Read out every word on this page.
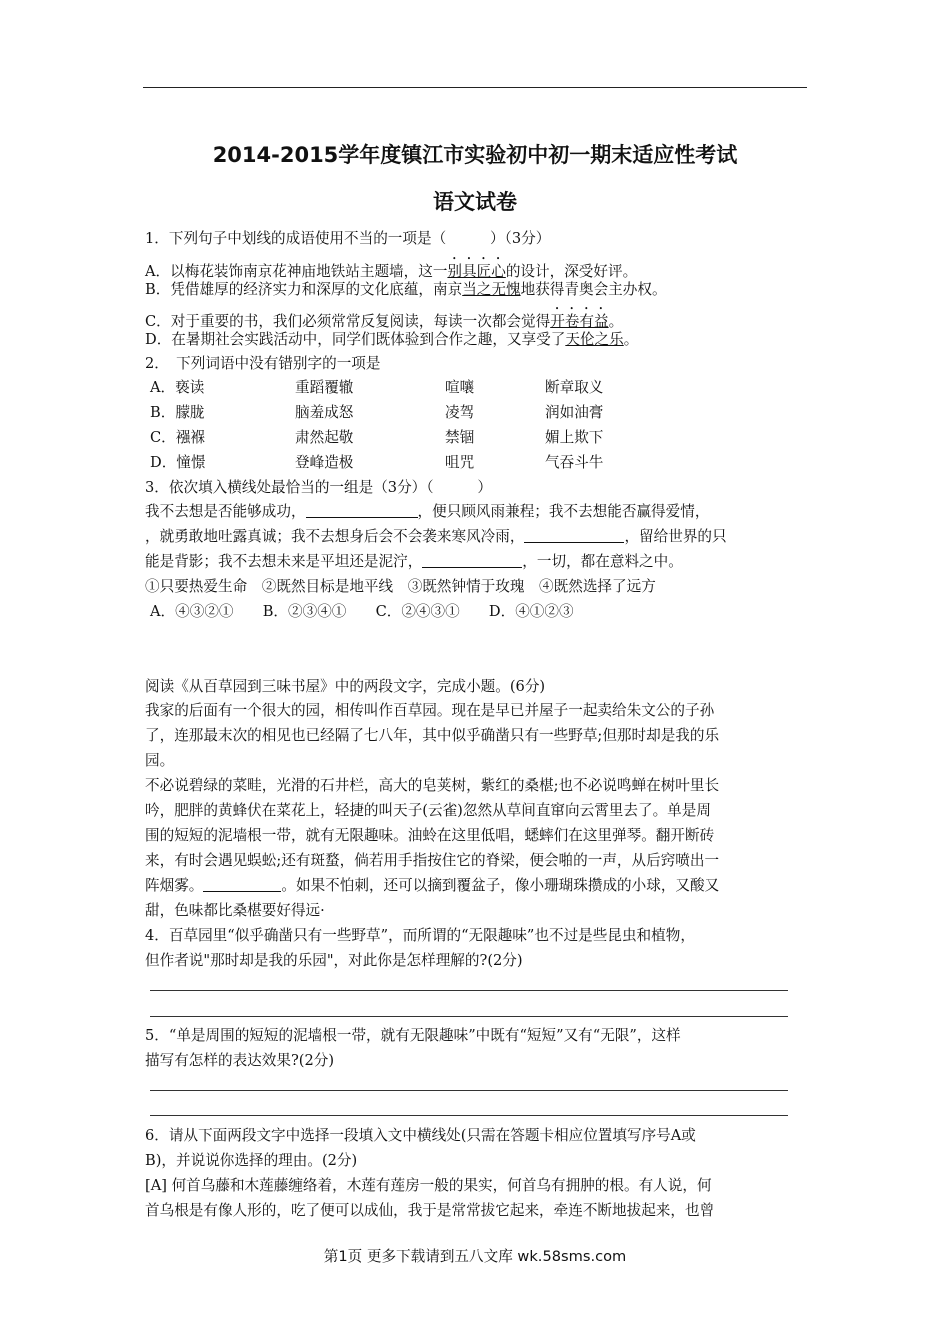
2014-2015学年度镇江市实验初中初一期末适应性考试
语文试卷
1．下列句子中划线的成语使用不当的一项是（　　　）（3分）
A．以梅花装饰南京花神庙地铁站主题墙，这一别具匠心的设计，深受好评。
B．凭借雄厚的经济实力和深厚的文化底蕴，南京当之无愧地获得青奥会主办权。
C．对于重要的书，我们必须常常反复阅读，每读一次都会觉得开卷有益。
D．在暑期社会实践活动中，同学们既体验到合作之趣，又享受了天伦之乐。
2．　下列词语中没有错别字的一项是
A．亵读	重蹈覆辙	喧嚷	断章取义
B．朦胧	脑羞成怒	凌驾	润如油膏
C．襁褓	肃然起敬	禁锢	媚上欺下
D．憧憬	登峰造极	咀咒	气吞斗牛
3．依次填入横线处最恰当的一组是（3分）（　　　）
我不去想是否能够成功，	，便只顾风雨兼程；我不去想能否赢得爱情，
，就勇敢地吐露真诚；我不去想身后会不会袭来寒风冷雨，	，留给世界的只
能是背影；我不去想未来是平坦还是泥泞，	，一切，都在意料之中。
①只要热爱生命　②既然目标是地平线　③既然钟情于玫瑰　④既然选择了远方
A．④③②①　　B．②③④①　　C．②④③①　　D．④①②③
阅读《从百草园到三味书屋》中的两段文字，完成小题。(6分)
我家的后面有一个很大的园，相传叫作百草园。现在是早已并屋子一起卖给朱文公的子孙
了，连那最末次的相见也已经隔了七八年，其中似乎确凿只有一些野草;但那时却是我的乐
园。
不必说碧绿的菜畦，光滑的石井栏，高大的皂荚树，紫红的桑椹;也不必说鸣蝉在树叶里长
吟，肥胖的黄蜂伏在菜花上，轻捷的叫天子(云雀)忽然从草间直窜向云霄里去了。单是周
围的短短的泥墙根一带，就有无限趣味。油蛉在这里低唱，蟋蟀们在这里弹琴。翻开断砖
来，有时会遇见蜈蚣;还有斑蝥，倘若用手指按住它的脊梁，便会啪的一声，从后窍喷出一
阵烟雾。	。如果不怕刺，还可以摘到覆盆子，像小珊瑚珠攒成的小球，又酸又
甜，色味都比桑椹要好得远·
4．百草园里“似乎确凿只有一些野草”，而所谓的“无限趣味”也不过是些昆虫和植物，
但作者说"那时却是我的乐园"，对此你是怎样理解的?(2分)
5．“单是周围的短短的泥墙根一带，就有无限趣味”中既有“短短”又有“无限”，这样
描写有怎样的表达效果?(2分)
6．请从下面两段文字中选择一段填入文中横线处(只需在答题卡相应位置填写序号A或
B)，并说说你选择的理由。(2分)
[A] 何首乌藤和木莲藤缠络着，木莲有莲房一般的果实，何首乌有拥肿的根。有人说，何
首乌根是有像人形的，吃了便可以成仙，我于是常常拔它起来，牵连不断地拔起来，也曾
第1页 更多下载请到五八文库 wk.58sms.com
